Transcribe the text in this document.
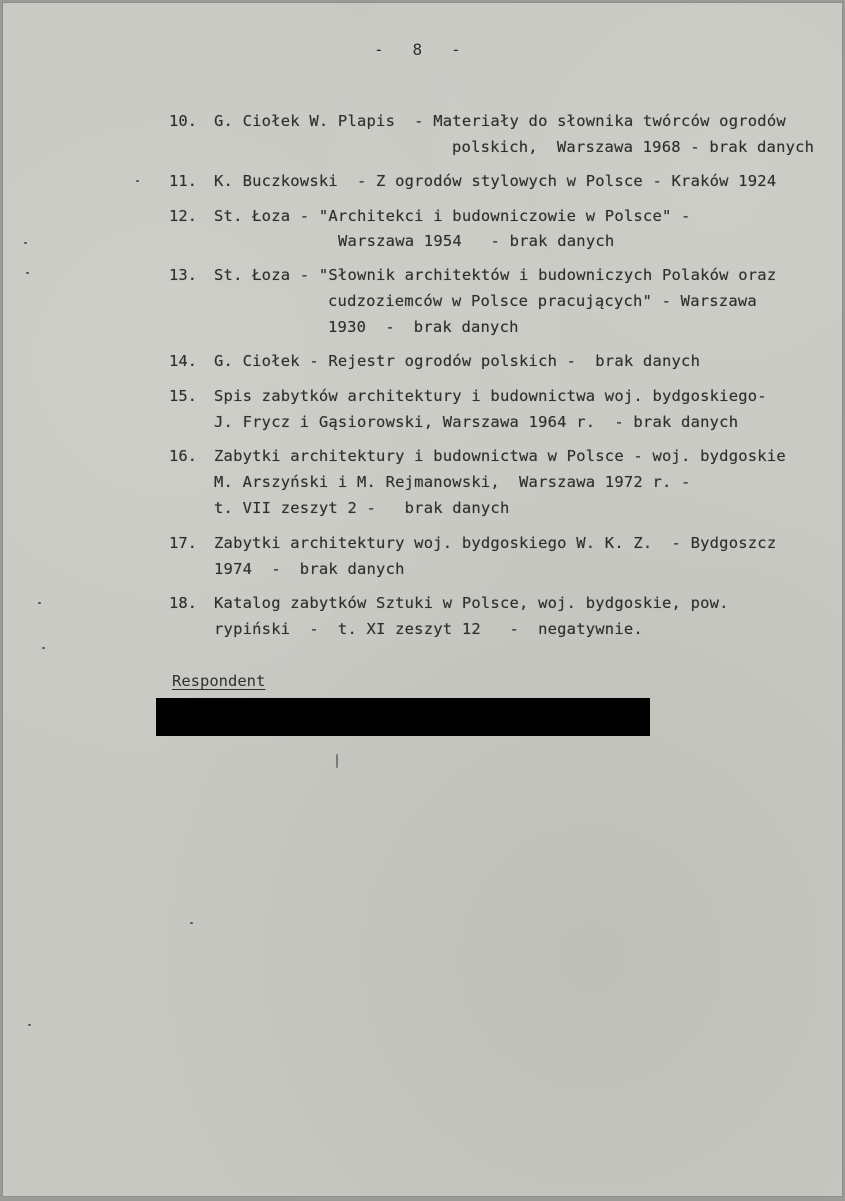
-   8   -
10. G. Ciołek W. Plapis  - Materiały do słownika twórców ogrodów
polskich,  Warszawa 1968 - brak danych
11. K. Buczkowski  - Z ogrodów stylowych w Polsce - Kraków 1924
12. St. Łoza - "Architekci i budowniczowie w Polsce" -
Warszawa 1954   - brak danych
13. St. Łoza - "Słownik architektów i budowniczych Polaków oraz
cudzoziemców w Polsce pracujących" - Warszawa
1930  -  brak danych
14. G. Ciołek - Rejestr ogrodów polskich -  brak danych
15. Spis zabytków architektury i budownictwa woj. bydgoskiego-
J. Frycz i Gąsiorowski, Warszawa 1964 r.  - brak danych
16. Zabytki architektury i budownictwa w Polsce - woj. bydgoskie
M. Arszyński i M. Rejmanowski,  Warszawa 1972 r. -
t. VII zeszyt 2 -   brak danych
17. Zabytki architektury woj. bydgoskiego W. K. Z.  - Bydgoszcz
1974  -  brak danych
18. Katalog zabytków Sztuki w Polsce, woj. bydgoskie, pow.
rypiński  -  t. XI zeszyt 12   -  negatywnie.
Respondent
